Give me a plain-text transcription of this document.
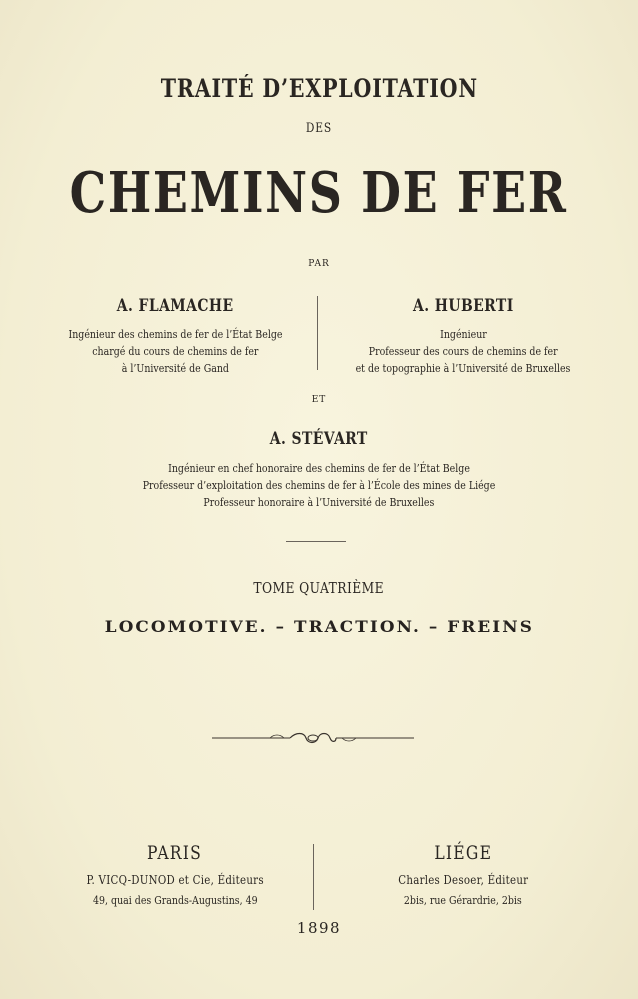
TRAITÉ D’EXPLOITATION
DES
CHEMINS DE FER
PAR
A. FLAMACHE
Ingénieur des chemins de fer de l’État Belge
chargé du cours de chemins de fer
à l’Université de Gand
A. HUBERTI
Ingénieur
Professeur des cours de chemins de fer
et de topographie à l’Université de Bruxelles
ET
A. STÉVART
Ingénieur en chef honoraire des chemins de fer de l’État Belge
Professeur d’exploitation des chemins de fer à l’École des mines de Liége
Professeur honoraire à l’Université de Bruxelles
TOME QUATRIÈME
LOCOMOTIVE. – TRACTION. – FREINS
PARIS
P. VICQ-DUNOD et Cie, Éditeurs
49, quai des Grands-Augustins, 49
LIÉGE
Charles Desoer, Éditeur
2bis, rue Gérardrie, 2bis
1898
